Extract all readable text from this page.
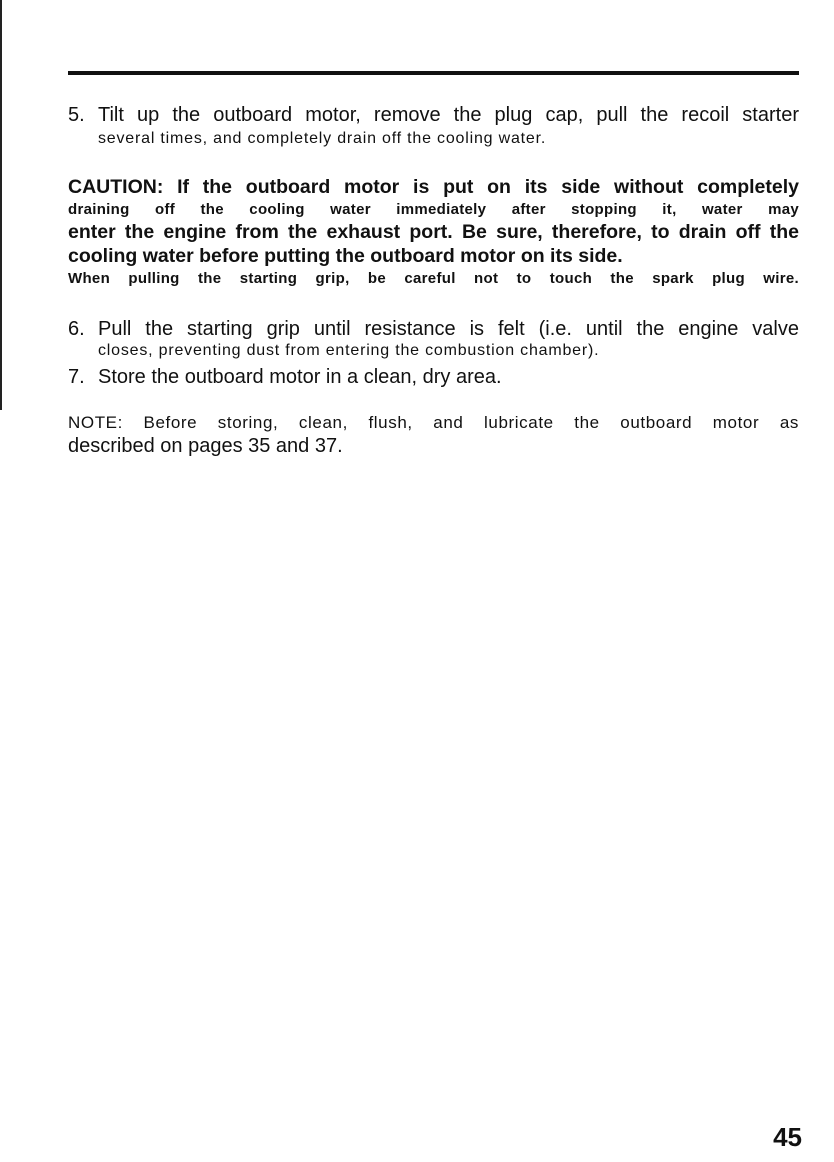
5. Tilt up the outboard motor, remove the plug cap, pull the recoil starter
several times, and completely drain off the cooling water.
CAUTION: If the outboard motor is put on its side without completely
draining off the cooling water immediately after stopping it, water may
enter the engine from the exhaust port. Be sure, therefore, to drain off the
cooling water before putting the outboard motor on its side.
When pulling the starting grip, be careful not to touch the spark plug wire.
6. Pull the starting grip until resistance is felt (i.e. until the engine valve
closes, preventing dust from entering the combustion chamber).
7. Store the outboard motor in a clean, dry area.
NOTE: Before storing, clean, flush, and lubricate the outboard motor as
described on pages 35 and 37.
45
